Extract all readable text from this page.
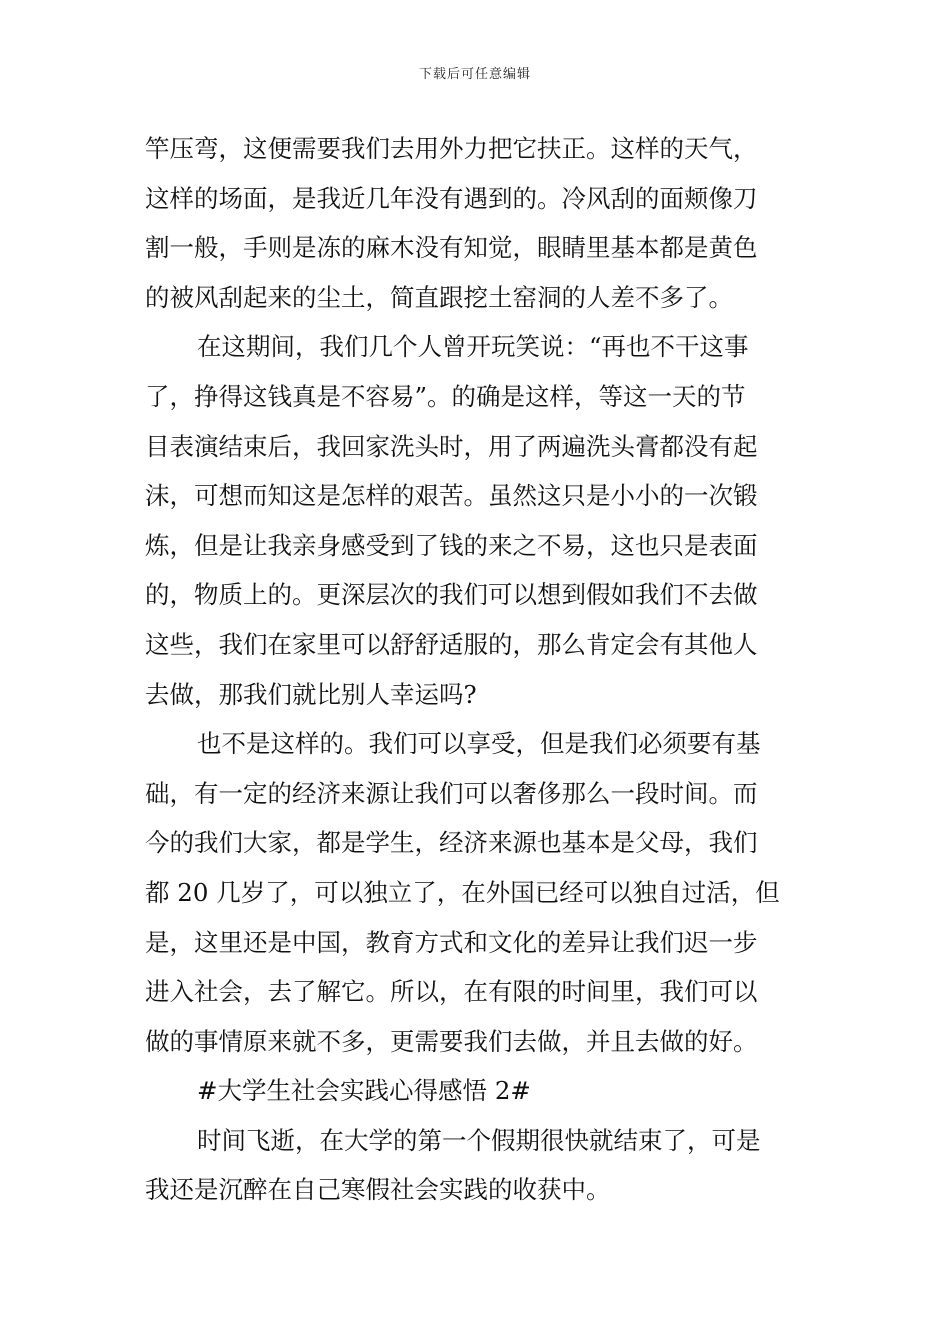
下载后可任意编辑
竿压弯，这便需要我们去用外力把它扶正。这样的天气，
这样的场面，是我近几年没有遇到的。冷风刮的面颊像刀
割一般，手则是冻的麻木没有知觉，眼睛里基本都是黄色
的被风刮起来的尘土，简直跟挖土窑洞的人差不多了。
在这期间，我们几个人曾开玩笑说：“再也不干这事
了，挣得这钱真是不容易”。的确是这样，等这一天的节
目表演结束后，我回家洗头时，用了两遍洗头膏都没有起
沫，可想而知这是怎样的艰苦。虽然这只是小小的一次锻
炼，但是让我亲身感受到了钱的来之不易，这也只是表面
的，物质上的。更深层次的我们可以想到假如我们不去做
这些，我们在家里可以舒舒适服的，那么肯定会有其他人
去做，那我们就比别人幸运吗?
也不是这样的。我们可以享受，但是我们必须要有基
础，有一定的经济来源让我们可以奢侈那么一段时间。而
今的我们大家，都是学生，经济来源也基本是父母，我们
都 20 几岁了，可以独立了，在外国已经可以独自过活，但
是，这里还是中国，教育方式和文化的差异让我们迟一步
进入社会，去了解它。所以，在有限的时间里，我们可以
做的事情原来就不多，更需要我们去做，并且去做的好。
#大学生社会实践心得感悟 2#
时间飞逝，在大学的第一个假期很快就结束了，可是
我还是沉醉在自己寒假社会实践的收获中。
